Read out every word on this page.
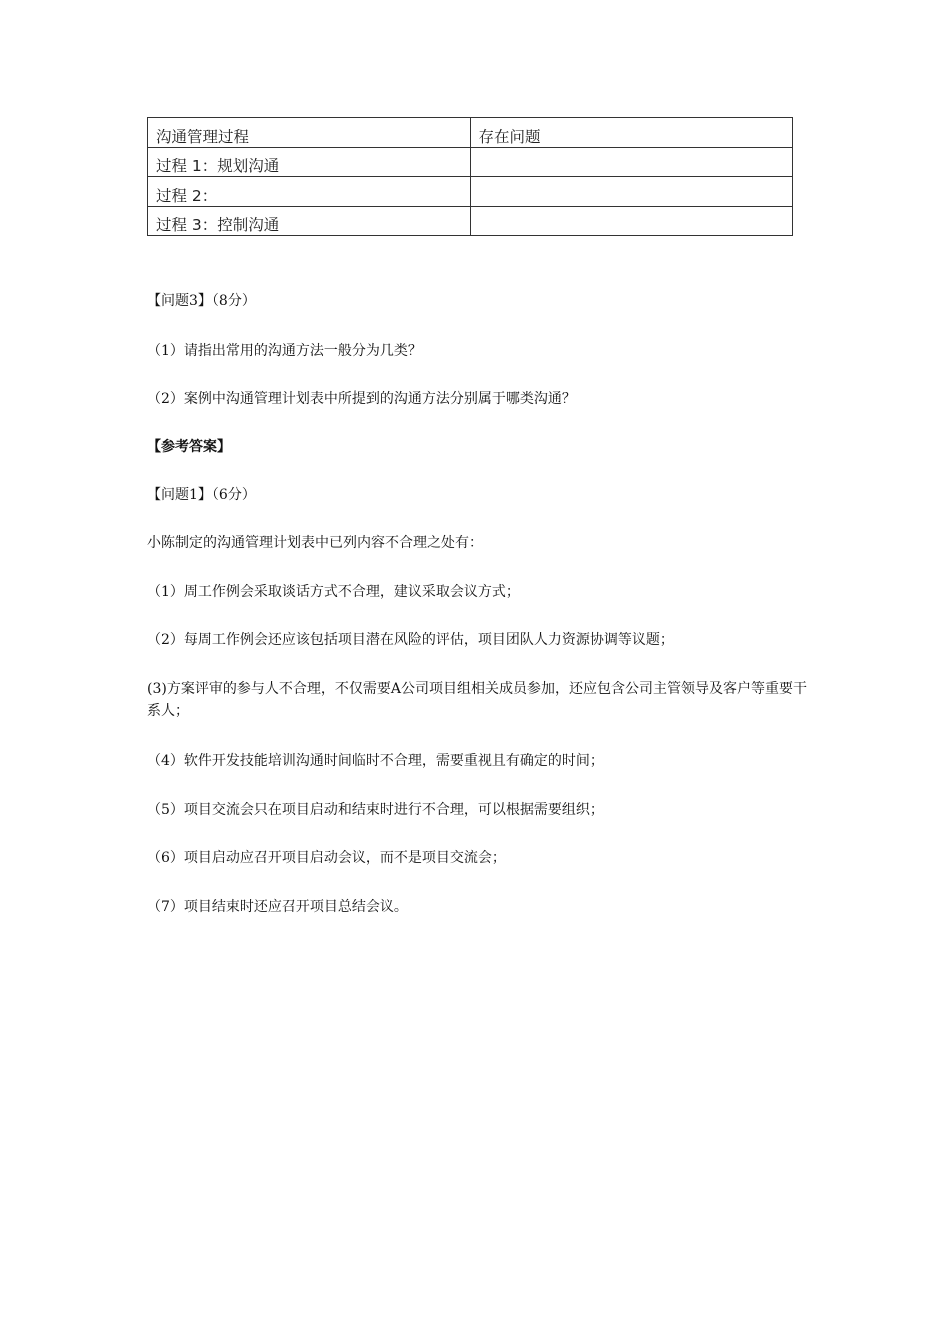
沟通管理过程	存在问题
过程 1：规划沟通	
过程 2：	
过程 3：控制沟通	
【问题3】（8分）
（1）请指出常用的沟通方法一般分为几类？
（2）案例中沟通管理计划表中所提到的沟通方法分别属于哪类沟通？
【参考答案】
【问题1】（6分）
小陈制定的沟通管理计划表中已列内容不合理之处有：
（1）周工作例会采取谈话方式不合理，建议采取会议方式；
（2）每周工作例会还应该包括项目潜在风险的评估，项目团队人力资源协调等议题；
(3)方案评审的参与人不合理，不仅需要A公司项目组相关成员参加，还应包含公司主管领导及客户等重要干系人；
（4）软件开发技能培训沟通时间临时不合理，需要重视且有确定的时间；
（5）项目交流会只在项目启动和结束时进行不合理，可以根据需要组织；
（6）项目启动应召开项目启动会议，而不是项目交流会；
（7）项目结束时还应召开项目总结会议。
